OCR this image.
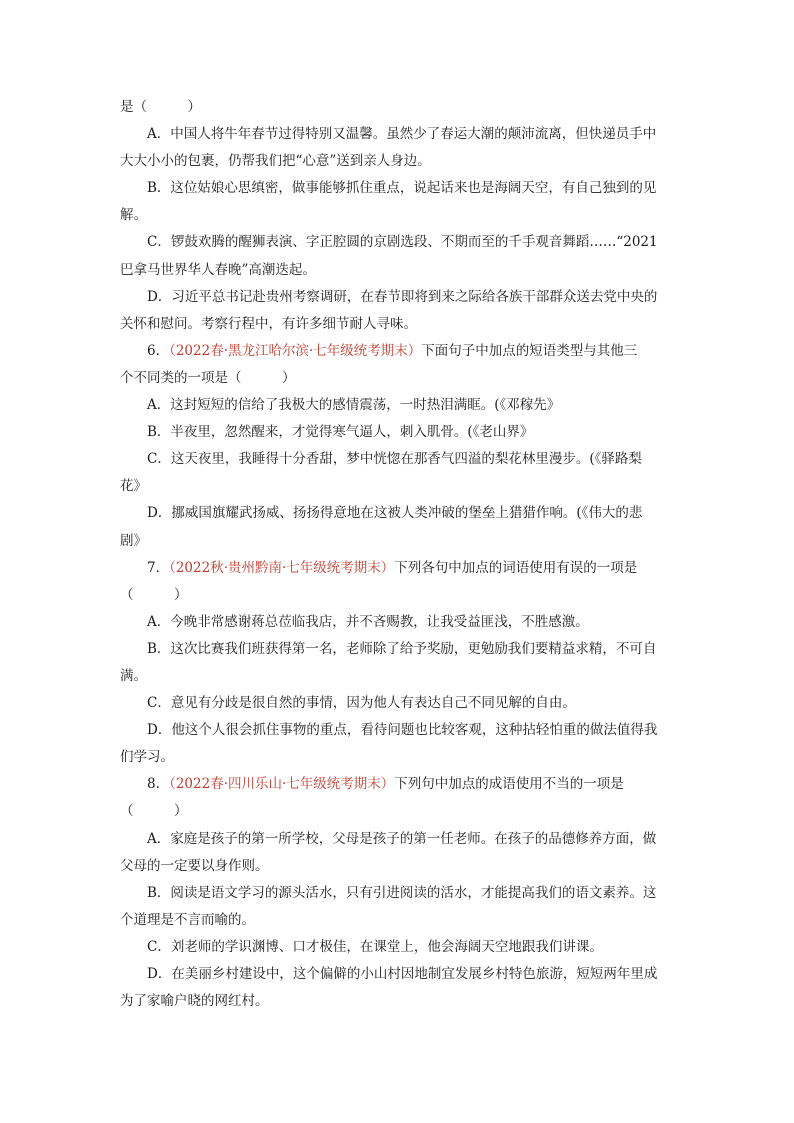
是（　　　）
A．中国人将牛年春节过得特别又温馨。虽然少了春运大潮的颠沛流离，但快递员手中
大大小小的包裹，仍帮我们把“心意”送到亲人身边。
B．这位姑娘心思缜密，做事能够抓住重点，说起话来也是海阔天空，有自己独到的见
解。
C．锣鼓欢腾的醒狮表演、字正腔圆的京剧选段、不期而至的千手观音舞蹈……“2021
巴拿马世界华人春晚”高潮迭起。
D．习近平总书记赴贵州考察调研，在春节即将到来之际给各族干部群众送去党中央的
关怀和慰问。考察行程中，有许多细节耐人寻味。
6．（2022春·黑龙江哈尔滨·七年级统考期末）下面句子中加点的短语类型与其他三
个不同类的一项是（　　　）
A．这封短短的信给了我极大的感情震荡，一时热泪满眶。(《邓稼先》
B．半夜里，忽然醒来，才觉得寒气逼人，刺入肌骨。(《老山界》
C．这天夜里，我睡得十分香甜，梦中恍惚在那香气四溢的梨花林里漫步。(《驿路梨
花》
D．挪威国旗耀武扬威、扬扬得意地在这被人类冲破的堡垒上猎猎作响。(《伟大的悲
剧》
7．（2022秋·贵州黔南·七年级统考期末）下列各句中加点的词语使用有误的一项是
（　　　）
A．今晚非常感谢蒋总莅临我店，并不吝赐教，让我受益匪浅，不胜感激。
B．这次比赛我们班获得第一名，老师除了给予奖励，更勉励我们要精益求精，不可自
满。
C．意见有分歧是很自然的事情，因为他人有表达自己不同见解的自由。
D．他这个人很会抓住事物的重点，看待问题也比较客观，这种拈轻怕重的做法值得我
们学习。
8．（2022春·四川乐山·七年级统考期末）下列句中加点的成语使用不当的一项是
（　　　）
A．家庭是孩子的第一所学校，父母是孩子的第一任老师。在孩子的品德修养方面，做
父母的一定要以身作则。
B．阅读是语文学习的源头活水，只有引进阅读的活水，才能提高我们的语文素养。这
个道理是不言而喻的。
C．刘老师的学识渊博、口才极佳，在课堂上，他会海阔天空地跟我们讲课。
D．在美丽乡村建设中，这个偏僻的小山村因地制宜发展乡村特色旅游，短短两年里成
为了家喻户晓的网红村。
